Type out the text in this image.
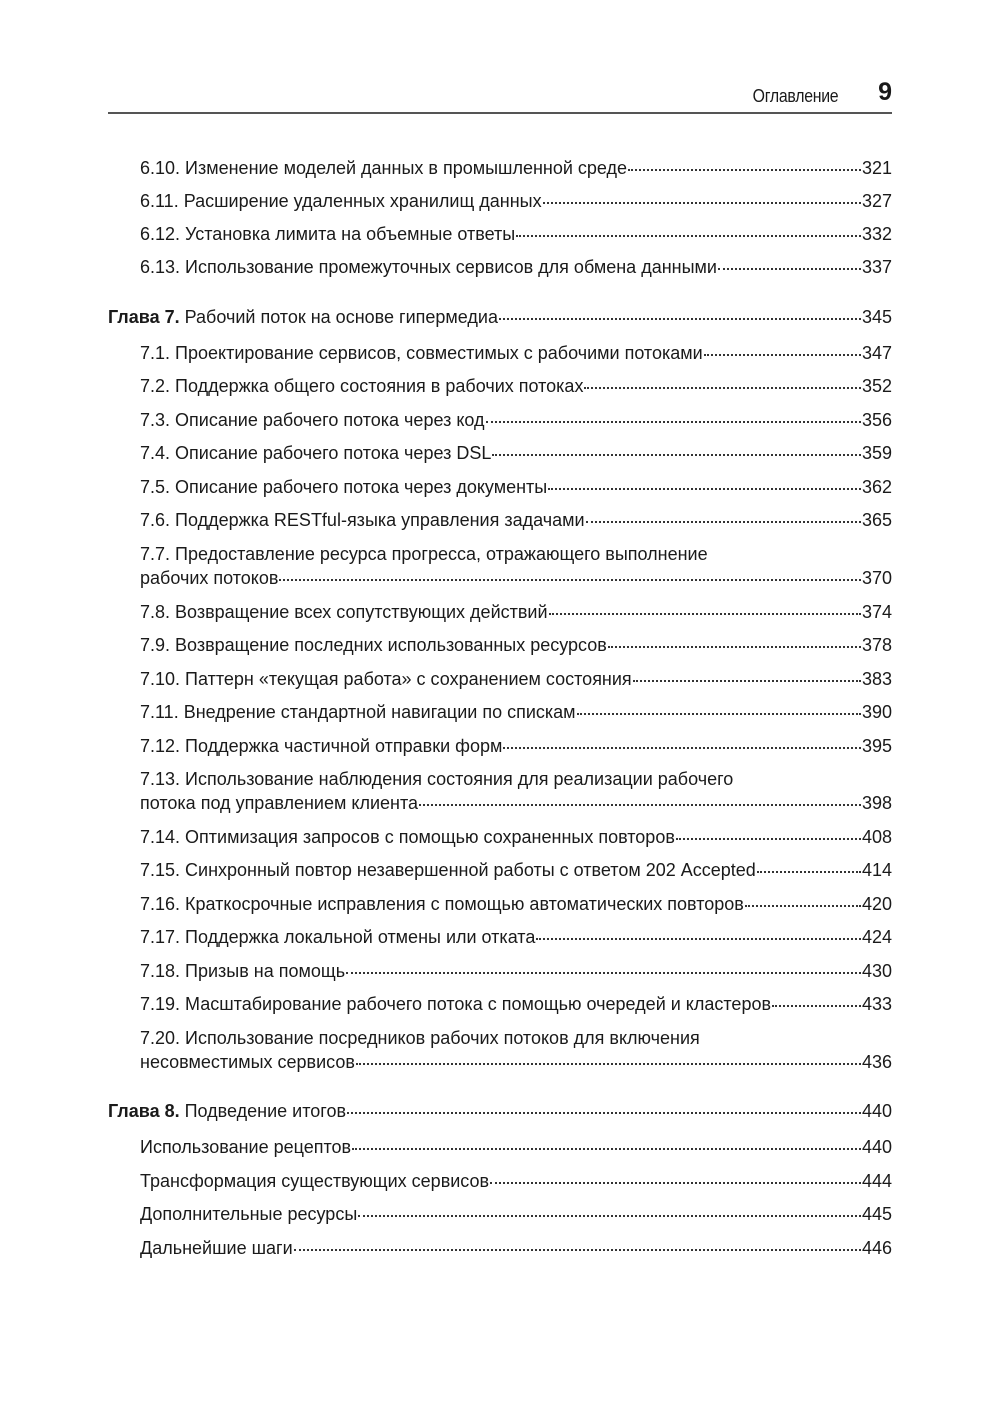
Оглавление 9
6.10. Изменение моделей данных в промышленной среде	321
6.11. Расширение удаленных хранилищ данных	327
6.12. Установка лимита на объемные ответы	332
6.13. Использование промежуточных сервисов для обмена данными	337
Глава 7. Рабочий поток на основе гипермедиа	345
7.1. Проектирование сервисов, совместимых с рабочими потоками	347
7.2. Поддержка общего состояния в рабочих потоках	352
7.3. Описание рабочего потока через код	356
7.4. Описание рабочего потока через DSL	359
7.5. Описание рабочего потока через документы	362
7.6. Поддержка RESTful-языка управления задачами	365
7.7. Предоставление ресурса прогресса, отражающего выполнение
рабочих потоков	370
7.8. Возвращение всех сопутствующих действий	374
7.9. Возвращение последних использованных ресурсов	378
7.10. Паттерн «текущая работа» с сохранением состояния	383
7.11. Внедрение стандартной навигации по спискам	390
7.12. Поддержка частичной отправки форм	395
7.13. Использование наблюдения состояния для реализации рабочего
потока под управлением клиента	398
7.14. Оптимизация запросов с помощью сохраненных повторов	408
7.15. Синхронный повтор незавершенной работы с ответом 202 Accepted	414
7.16. Краткосрочные исправления с помощью автоматических повторов	420
7.17. Поддержка локальной отмены или отката	424
7.18. Призыв на помощь	430
7.19. Масштабирование рабочего потока с помощью очередей и кластеров	433
7.20. Использование посредников рабочих потоков для включения
несовместимых сервисов	436
Глава 8. Подведение итогов	440
Использование рецептов	440
Трансформация существующих сервисов	444
Дополнительные ресурсы	445
Дальнейшие шаги	446
